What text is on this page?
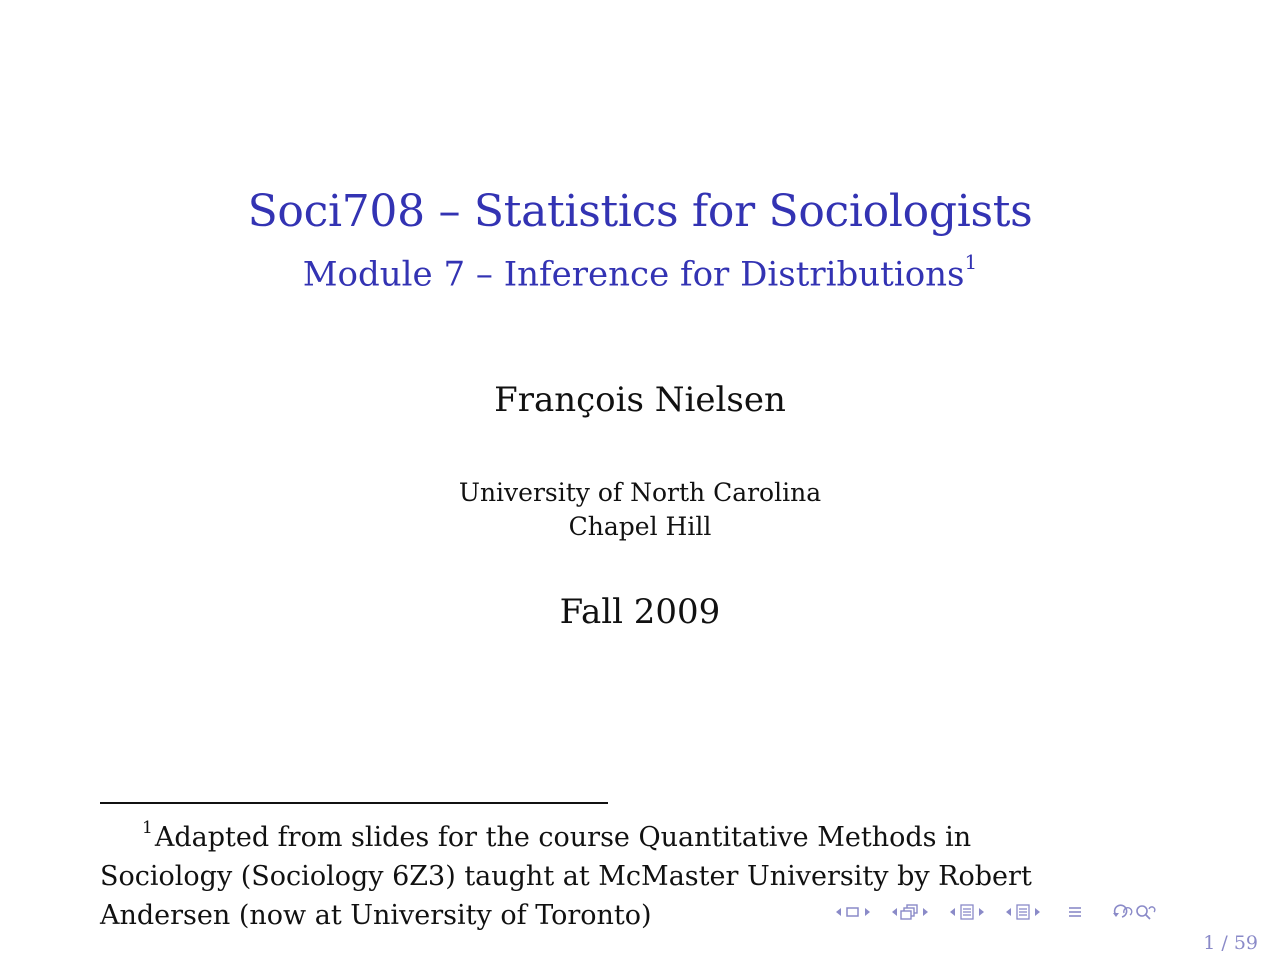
Soci708 – Statistics for Sociologists
Module 7 – Inference for Distributions$^1$
François Nielsen
University of North Carolina
Chapel Hill
Fall 2009
$^1$Adapted from slides for the course Quantitative Methods in Sociology (Sociology 6Z3) taught at McMaster University by Robert Andersen (now at University of Toronto)
1 / 59
